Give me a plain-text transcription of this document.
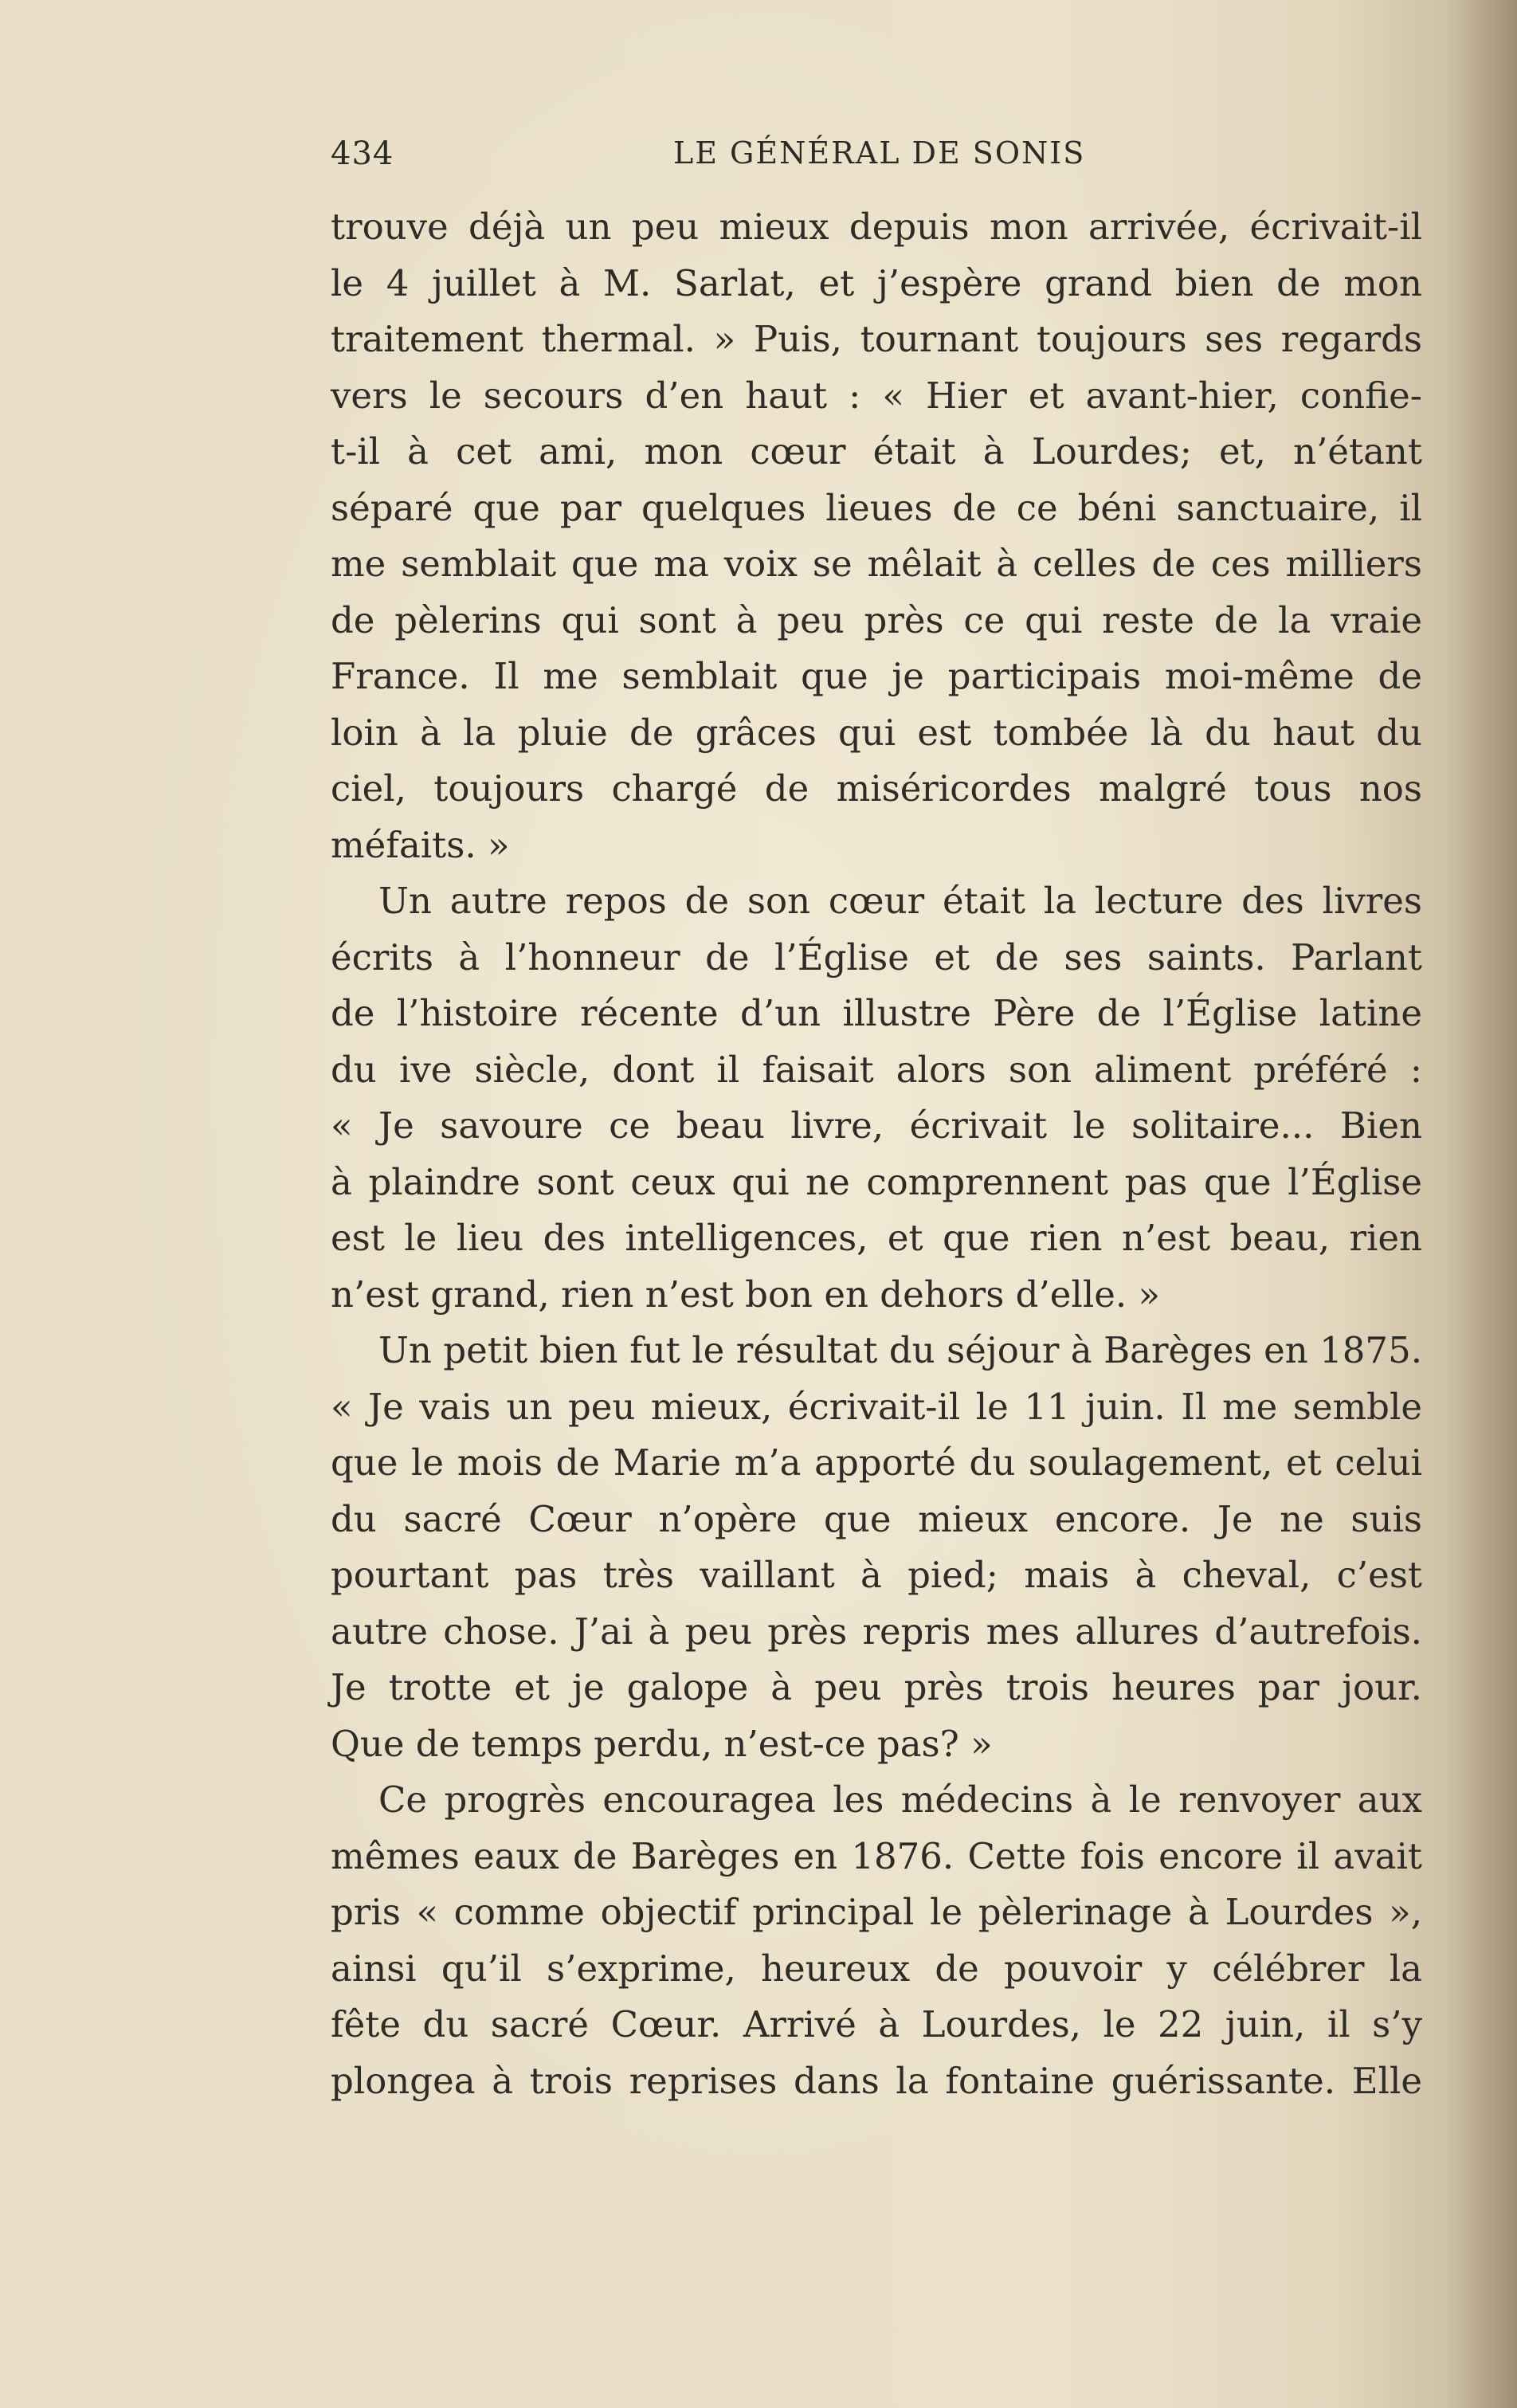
434	LE GÉNÉRAL DE SONIS
trouve déjà un peu mieux depuis mon arrivée, écrivait-il
le 4 juillet à M. Sarlat, et j’espère grand bien de mon
traitement thermal. » Puis, tournant toujours ses regards
vers le secours d’en haut : « Hier et avant-hier, confie-
t-il à cet ami, mon cœur était à Lourdes; et, n’étant
séparé que par quelques lieues de ce béni sanctuaire, il
me semblait que ma voix se mêlait à celles de ces milliers
de pèlerins qui sont à peu près ce qui reste de la vraie
France. Il me semblait que je participais moi-même de
loin à la pluie de grâces qui est tombée là du haut du
ciel, toujours chargé de miséricordes malgré tous nos
méfaits. »
Un autre repos de son cœur était la lecture des livres
écrits à l’honneur de l’Église et de ses saints. Parlant
de l’histoire récente d’un illustre Père de l’Église latine
du ive siècle, dont il faisait alors son aliment préféré :
« Je savoure ce beau livre, écrivait le solitaire... Bien
à plaindre sont ceux qui ne comprennent pas que l’Église
est le lieu des intelligences, et que rien n’est beau, rien
n’est grand, rien n’est bon en dehors d’elle. »
Un petit bien fut le résultat du séjour à Barèges en 1875.
« Je vais un peu mieux, écrivait-il le 11 juin. Il me semble
que le mois de Marie m’a apporté du soulagement, et celui
du sacré Cœur n’opère que mieux encore. Je ne suis
pourtant pas très vaillant à pied; mais à cheval, c’est
autre chose. J’ai à peu près repris mes allures d’autrefois.
Je trotte et je galope à peu près trois heures par jour.
Que de temps perdu, n’est-ce pas? »
Ce progrès encouragea les médecins à le renvoyer aux
mêmes eaux de Barèges en 1876. Cette fois encore il avait
pris « comme objectif principal le pèlerinage à Lourdes »,
ainsi qu’il s’exprime, heureux de pouvoir y célébrer la
fête du sacré Cœur. Arrivé à Lourdes, le 22 juin, il s’y
plongea à trois reprises dans la fontaine guérissante. Elle
